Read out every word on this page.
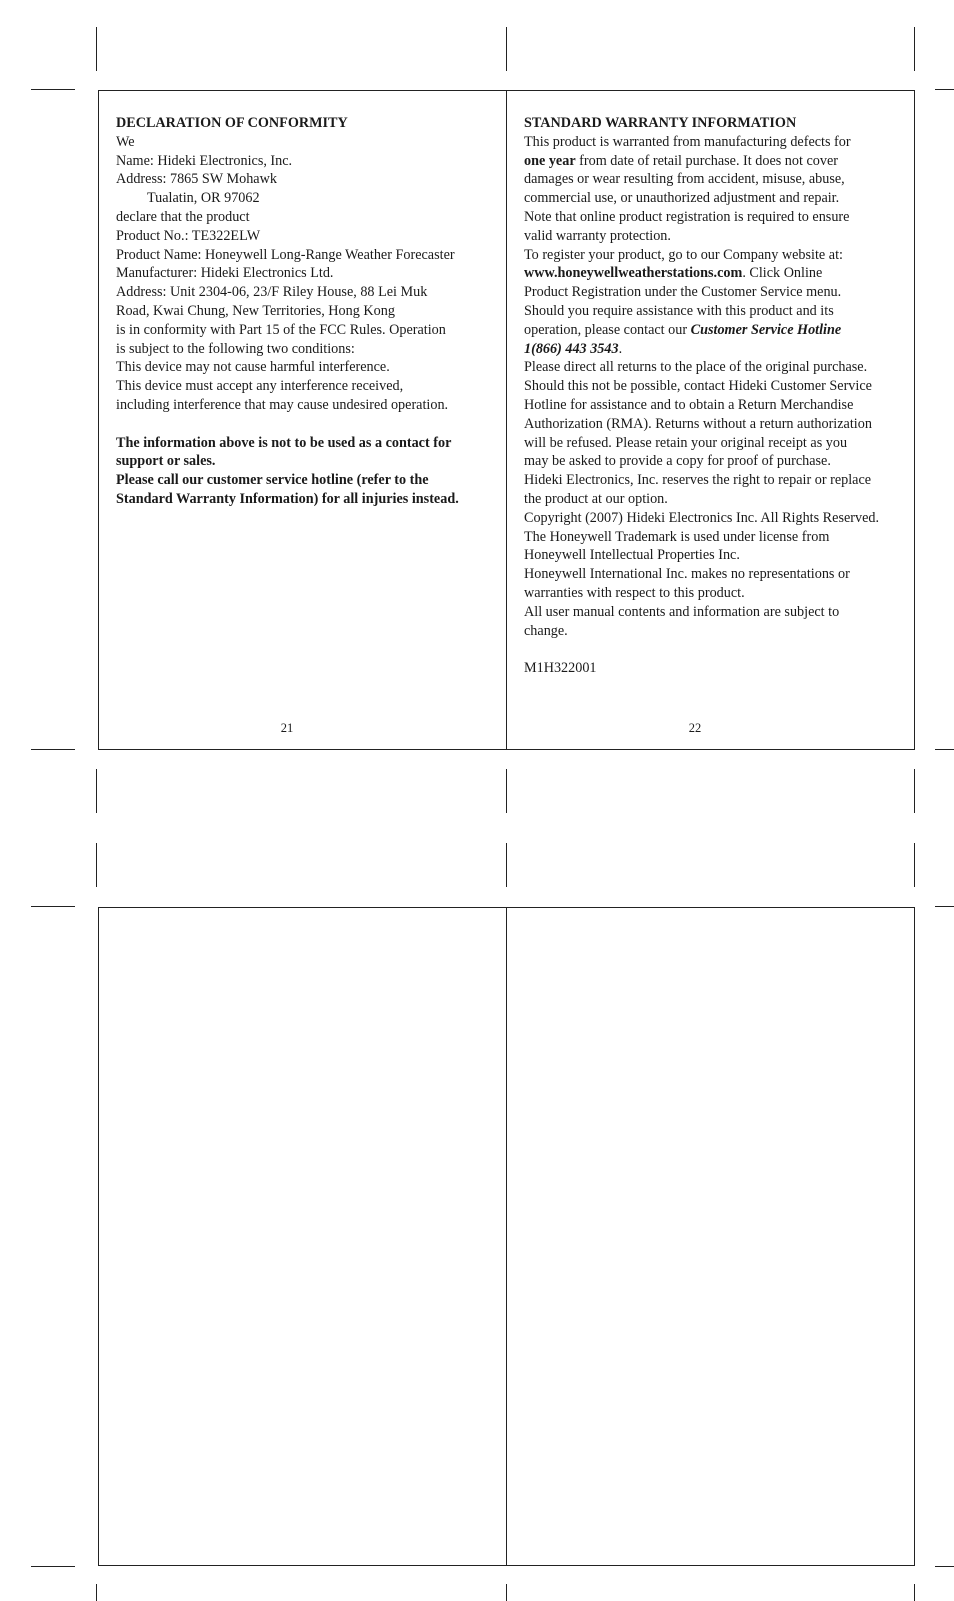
DECLARATION OF CONFORMITY
We
Name: Hideki Electronics, Inc.
Address: 7865 SW Mohawk
Tualatin, OR 97062
declare that the product
Product No.: TE322ELW
Product Name: Honeywell Long-Range Weather Forecaster
Manufacturer: Hideki Electronics Ltd.
Address: Unit 2304-06, 23/F Riley House, 88 Lei Muk
Road, Kwai Chung, New Territories, Hong Kong
is in conformity with Part 15 of the FCC Rules. Operation
is subject to the following two conditions:
This device may not cause harmful interference.
This device must accept any interference received,
including interference that may cause undesired operation.
The information above is not to be used as a contact for
support or sales.
Please call our customer service hotline (refer to the
Standard Warranty Information) for all injuries instead.
21
STANDARD WARRANTY INFORMATION
This product is warranted from manufacturing defects for
one year from date of retail purchase. It does not cover
damages or wear resulting from accident, misuse, abuse,
commercial use, or unauthorized adjustment and repair.
Note that online product registration is required to ensure
valid warranty protection.
To register your product, go to our Company website at:
www.honeywellweatherstations.com. Click Online
Product Registration under the Customer Service menu.
Should you require assistance with this product and its
operation, please contact our Customer Service Hotline
1(866) 443 3543.
Please direct all returns to the place of the original purchase.
Should this not be possible, contact Hideki Customer Service
Hotline for assistance and to obtain a Return Merchandise
Authorization (RMA). Returns without a return authorization
will be refused. Please retain your original receipt as you
may be asked to provide a copy for proof of purchase.
Hideki Electronics, Inc. reserves the right to repair or replace
the product at our option.
Copyright (2007) Hideki Electronics Inc. All Rights Reserved.
The Honeywell Trademark is used under license from
Honeywell Intellectual Properties Inc.
Honeywell International Inc. makes no representations or
warranties with respect to this product.
All user manual contents and information are subject to
change.
M1H322001
22
